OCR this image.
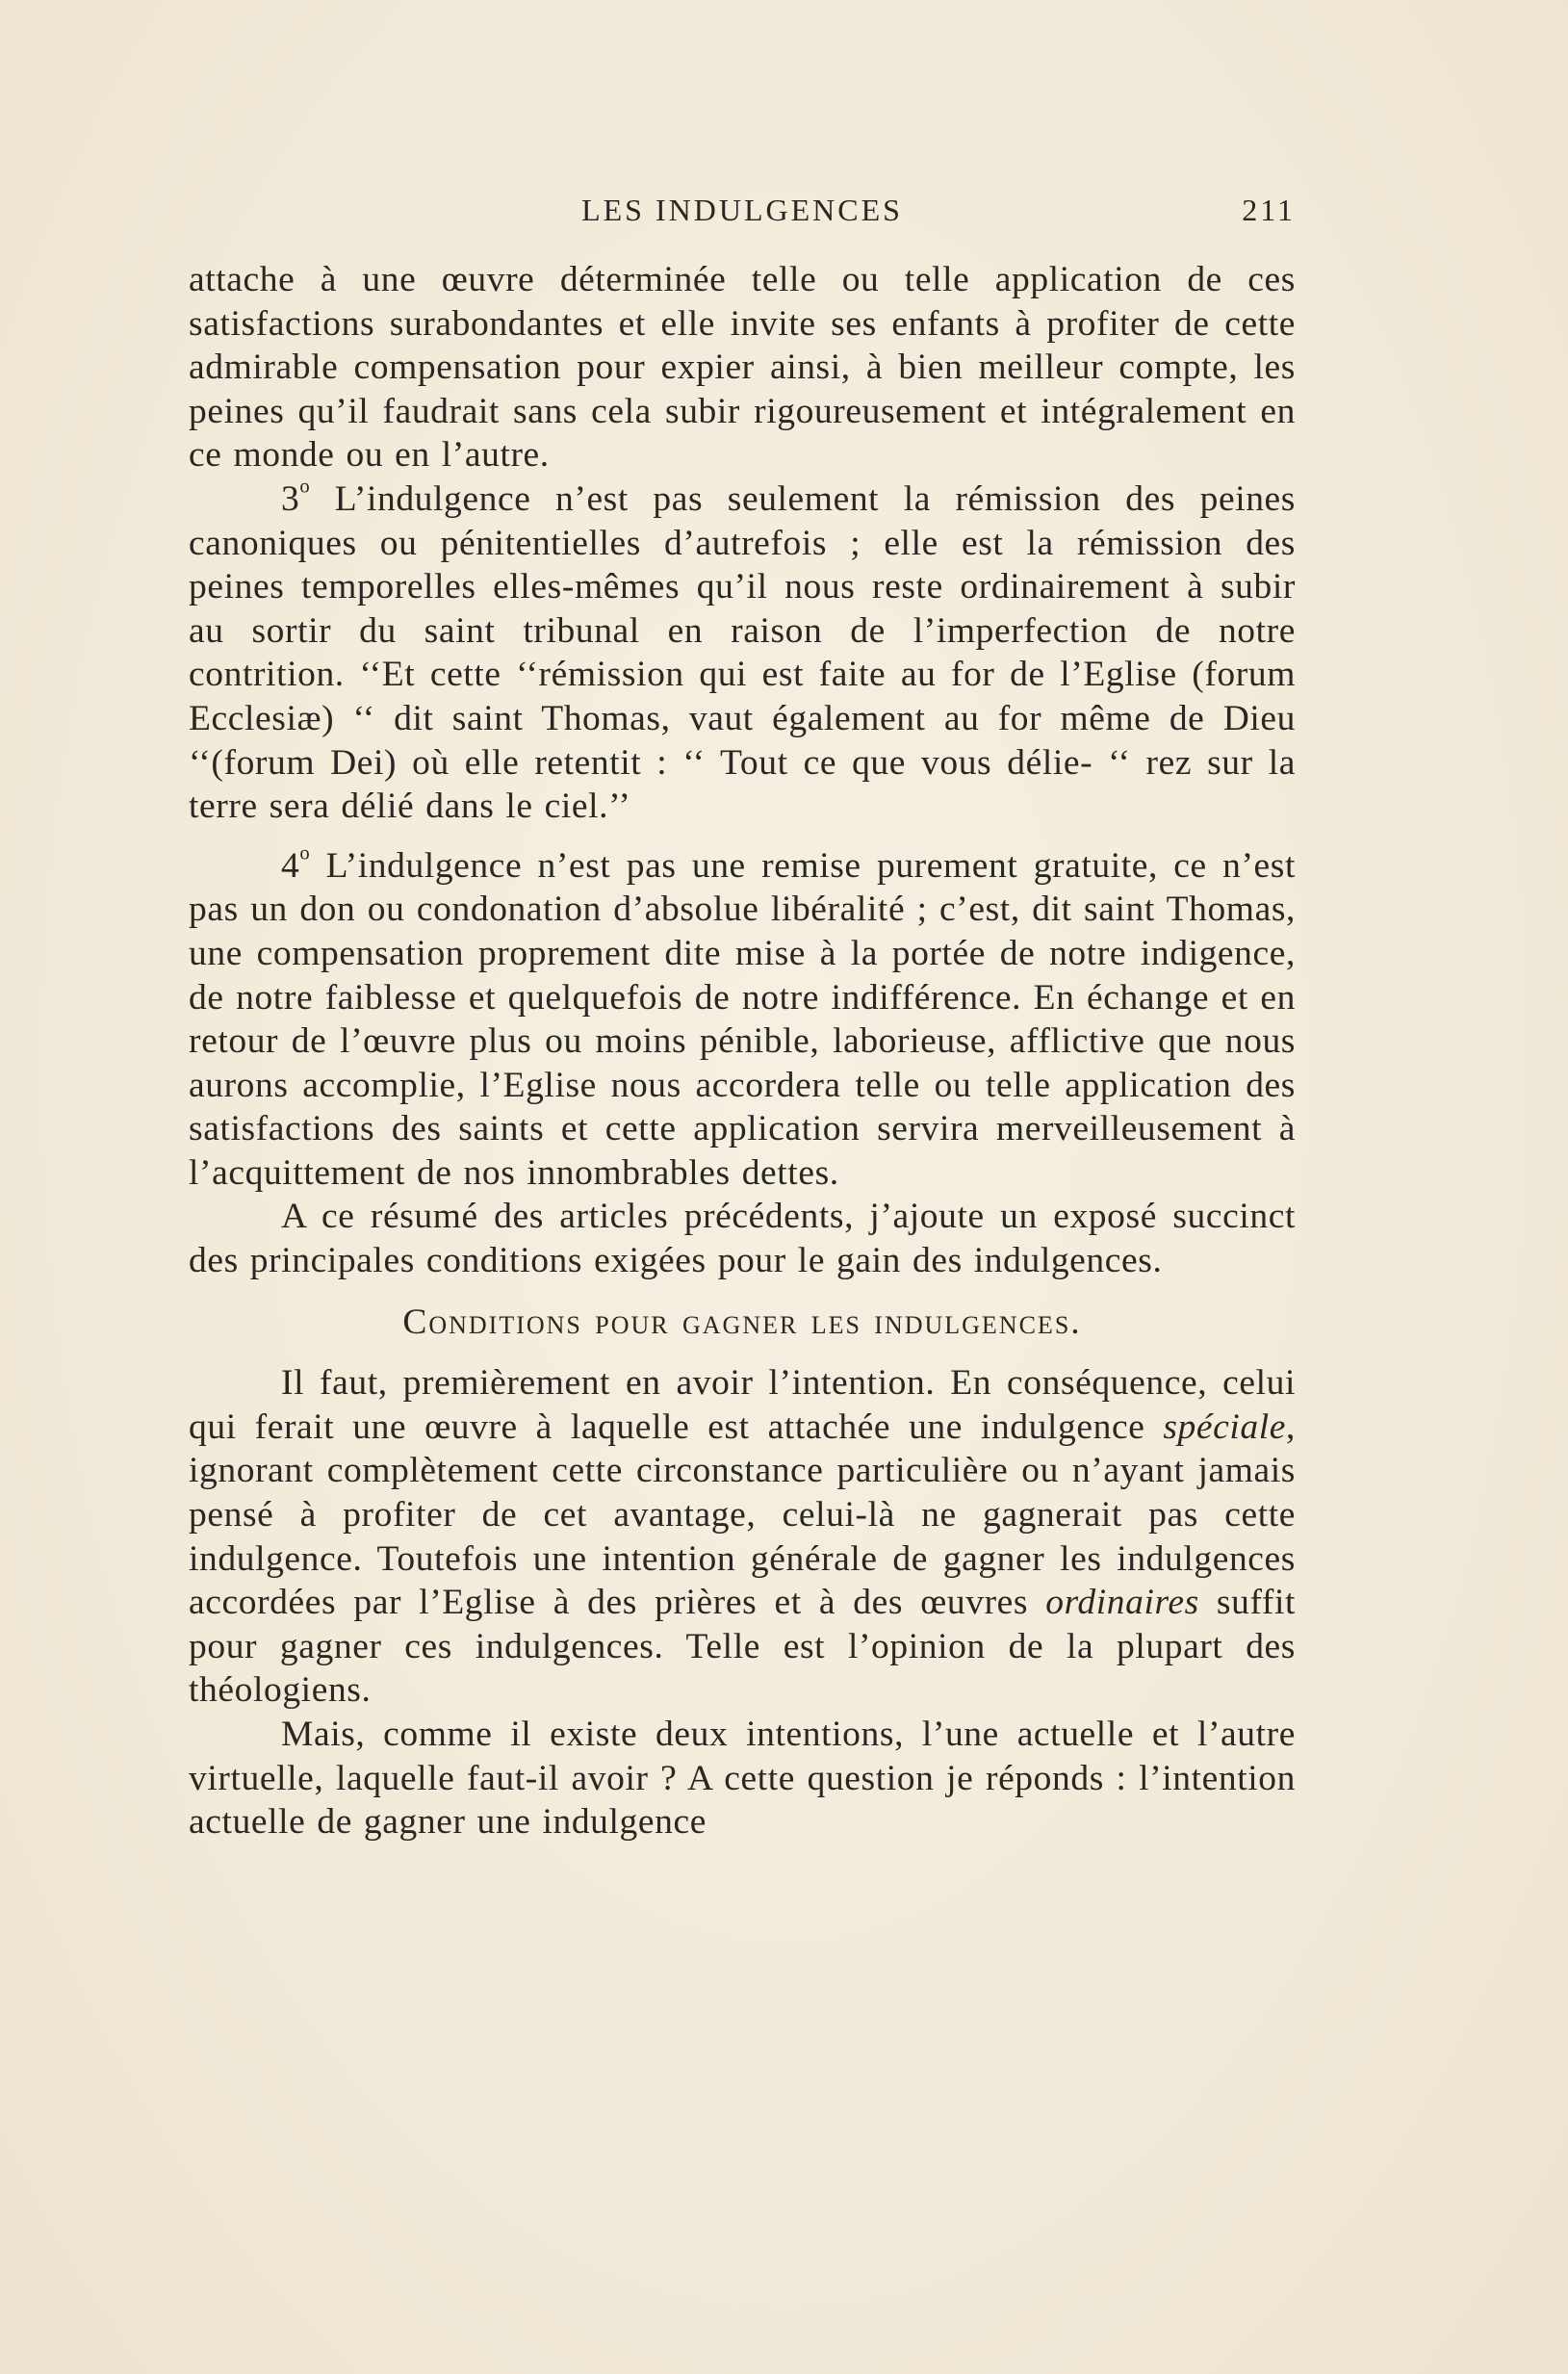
LES INDULGENCES	211

attache à une œuvre déterminée telle ou telle application de ces satisfactions surabondantes et elle invite ses enfants à profiter de cette admirable compensation pour expier ainsi, à bien meilleur compte, les peines qu’il faudrait sans cela subir rigoureusement et intégralement en ce monde ou en l’autre.

3$^o$ L’indulgence n’est pas seulement la rémission des peines canoniques ou pénitentielles d’autrefois ; elle est la rémission des peines temporelles elles-mêmes qu’il nous reste ordinairement à subir au sortir du saint tribunal en raison de l’imperfection de notre contrition. ‘‘Et cette ‘‘rémission qui est faite au for de l’Eglise (forum Ecclesiæ) ‘‘ dit saint Thomas, vaut également au for même de Dieu ‘‘(forum Dei) où elle retentit : ‘‘ Tout ce que vous délie- ‘‘ rez sur la terre sera délié dans le ciel.’’

4$^o$ L’indulgence n’est pas une remise purement gratuite, ce n’est pas un don ou condonation d’absolue libéralité ; c’est, dit saint Thomas, une compensation proprement dite mise à la portée de notre indigence, de notre faiblesse et quelquefois de notre indifférence. En échange et en retour de l’œuvre plus ou moins pénible, laborieuse, afflictive que nous aurons accomplie, l’Eglise nous accordera telle ou telle application des satisfactions des saints et cette application servira merveilleusement à l’acquittement de nos innombrables dettes.

A ce résumé des articles précédents, j’ajoute un exposé succinct des principales conditions exigées pour le gain des indulgences.

Conditions pour gagner les indulgences.

Il faut, premièrement en avoir l’intention. En conséquence, celui qui ferait une œuvre à laquelle est attachée une indulgence spéciale, ignorant complètement cette circonstance particulière ou n’ayant jamais pensé à profiter de cet avantage, celui-là ne gagnerait pas cette indulgence. Toutefois une intention générale de gagner les indulgences accordées par l’Eglise à des prières et à des œuvres ordinaires suffit pour gagner ces indulgences. Telle est l’opinion de la plupart des théologiens.

Mais, comme il existe deux intentions, l’une actuelle et l’autre virtuelle, laquelle faut-il avoir ? A cette question je réponds : l’intention actuelle de gagner une indulgence
